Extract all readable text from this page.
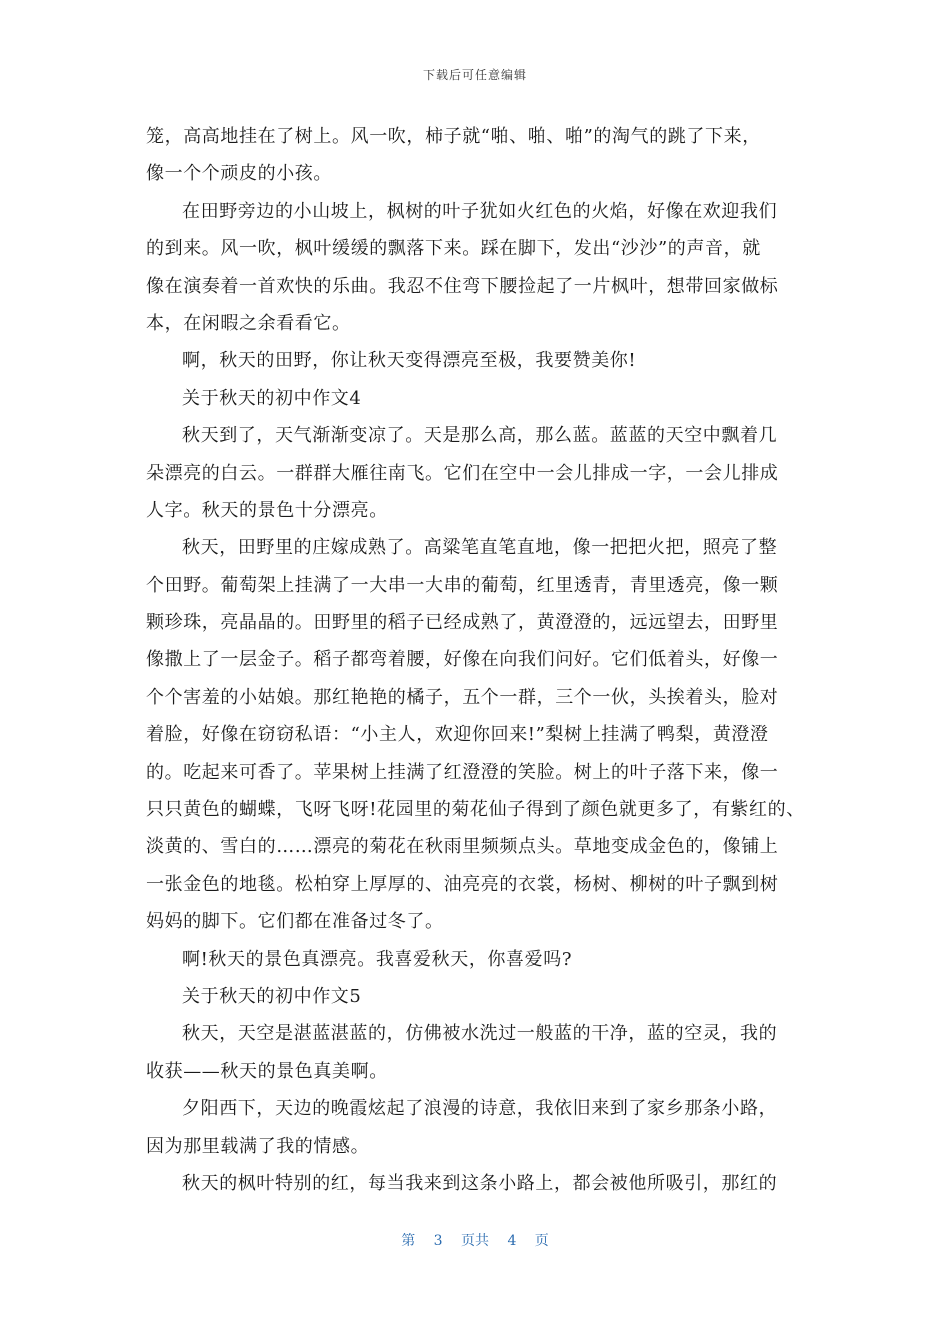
下载后可任意编辑
笼，高高地挂在了树上。风一吹，柿子就“啪、啪、啪”的淘气的跳了下来，
像一个个顽皮的小孩。
在田野旁边的小山坡上，枫树的叶子犹如火红色的火焰，好像在欢迎我们
的到来。风一吹，枫叶缓缓的飘落下来。踩在脚下，发出“沙沙”的声音，就
像在演奏着一首欢快的乐曲。我忍不住弯下腰捡起了一片枫叶，想带回家做标
本，在闲暇之余看看它。
啊，秋天的田野，你让秋天变得漂亮至极，我要赞美你!
关于秋天的初中作文4
秋天到了，天气渐渐变凉了。天是那么高，那么蓝。蓝蓝的天空中飘着几
朵漂亮的白云。一群群大雁往南飞。它们在空中一会儿排成一字，一会儿排成
人字。秋天的景色十分漂亮。
秋天，田野里的庄嫁成熟了。高粱笔直笔直地，像一把把火把，照亮了整
个田野。葡萄架上挂满了一大串一大串的葡萄，红里透青，青里透亮，像一颗
颗珍珠，亮晶晶的。田野里的稻子已经成熟了，黄澄澄的，远远望去，田野里
像撒上了一层金子。稻子都弯着腰，好像在向我们问好。它们低着头，好像一
个个害羞的小姑娘。那红艳艳的橘子，五个一群，三个一伙，头挨着头，脸对
着脸，好像在窃窃私语：“小主人，欢迎你回来!”梨树上挂满了鸭梨，黄澄澄
的。吃起来可香了。苹果树上挂满了红澄澄的笑脸。树上的叶子落下来，像一
只只黄色的蝴蝶，飞呀飞呀!花园里的菊花仙子得到了颜色就更多了，有紫红的、
淡黄的、雪白的……漂亮的菊花在秋雨里频频点头。草地变成金色的，像铺上
一张金色的地毯。松柏穿上厚厚的、油亮亮的衣裳，杨树、柳树的叶子飘到树
妈妈的脚下。它们都在准备过冬了。
啊!秋天的景色真漂亮。我喜爱秋天，你喜爱吗?
关于秋天的初中作文5
秋天，天空是湛蓝湛蓝的，仿佛被水洗过一般蓝的干净，蓝的空灵，我的
收获——秋天的景色真美啊。
夕阳西下，天边的晚霞炫起了浪漫的诗意，我依旧来到了家乡那条小路，
因为那里载满了我的情感。
秋天的枫叶特别的红，每当我来到这条小路上，都会被他所吸引，那红的
第 3 页共 4 页
